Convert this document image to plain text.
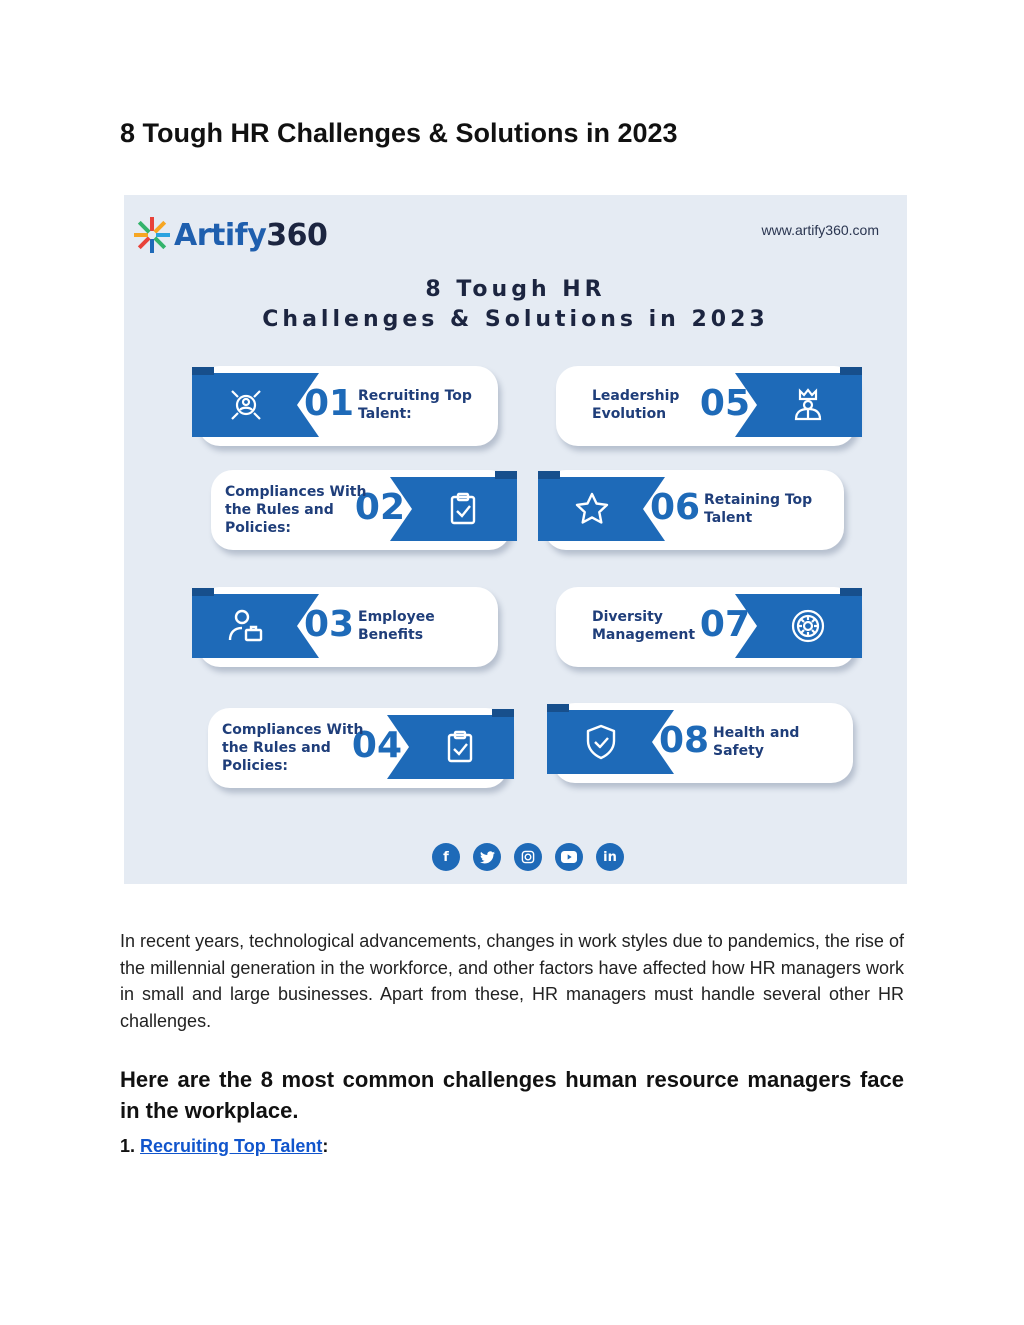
8 Tough HR Challenges & Solutions in 2023
Artify360	www.artify360.com
8 Tough HR
Challenges & Solutions in 2023
01 Recruiting Top Talent:	05
Leadership Evolution
02
Compliances With the Rules and Policies:	06 Retaining Top Talent
03 Employee Benefits	07
Diversity Management
04
Compliances With the Rules and Policies:
08 Health and Safety
f	in

In recent years, technological advancements, changes in work styles due to pandemics, the rise of the millennial generation in the workforce, and other factors have affected how HR managers work in small and large businesses. Apart from these, HR managers must handle several other HR challenges.

Here are the 8 most common challenges human resource managers face in the workplace.
1. Recruiting Top Talent:
